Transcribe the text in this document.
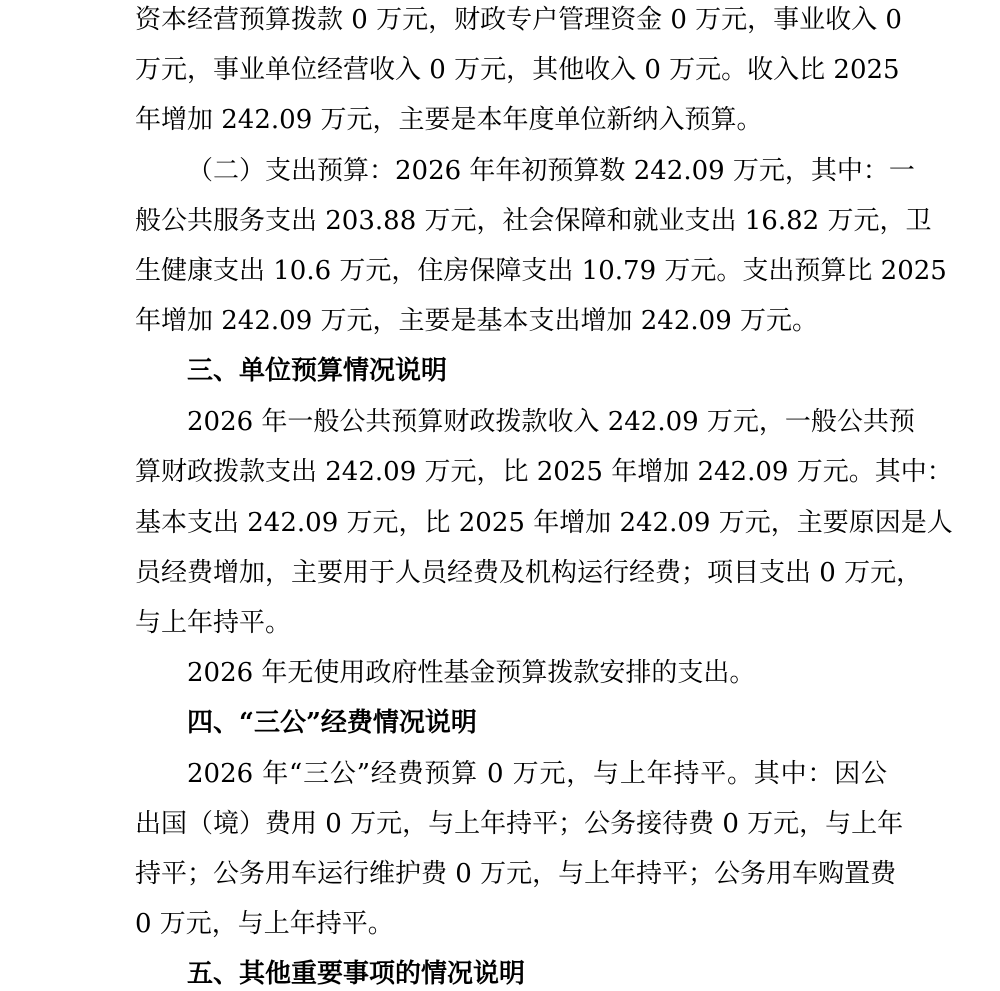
资本经营预算拨款 0 万元，财政专户管理资金 0 万元，事业收入 0
万元，事业单位经营收入 0 万元，其他收入 0 万元。收入比 2025
年增加 242.09 万元，主要是本年度单位新纳入预算。
（二）支出预算：2026 年年初预算数 242.09 万元，其中：一
般公共服务支出 203.88 万元，社会保障和就业支出 16.82 万元，卫
生健康支出 10.6 万元，住房保障支出 10.79 万元。支出预算比 2025
年增加 242.09 万元，主要是基本支出增加 242.09 万元。
三、单位预算情况说明
2026 年一般公共预算财政拨款收入 242.09 万元，一般公共预
算财政拨款支出 242.09 万元，比 2025 年增加 242.09 万元。其中：
基本支出 242.09 万元，比 2025 年增加 242.09 万元，主要原因是人
员经费增加，主要用于人员经费及机构运行经费；项目支出 0 万元，
与上年持平。
2026 年无使用政府性基金预算拨款安排的支出。
四、“三公”经费情况说明
2026 年“三公”经费预算 0 万元，与上年持平。其中：因公
出国（境）费用 0 万元，与上年持平；公务接待费 0 万元，与上年
持平；公务用车运行维护费 0 万元，与上年持平；公务用车购置费
0 万元，与上年持平。
五、其他重要事项的情况说明
